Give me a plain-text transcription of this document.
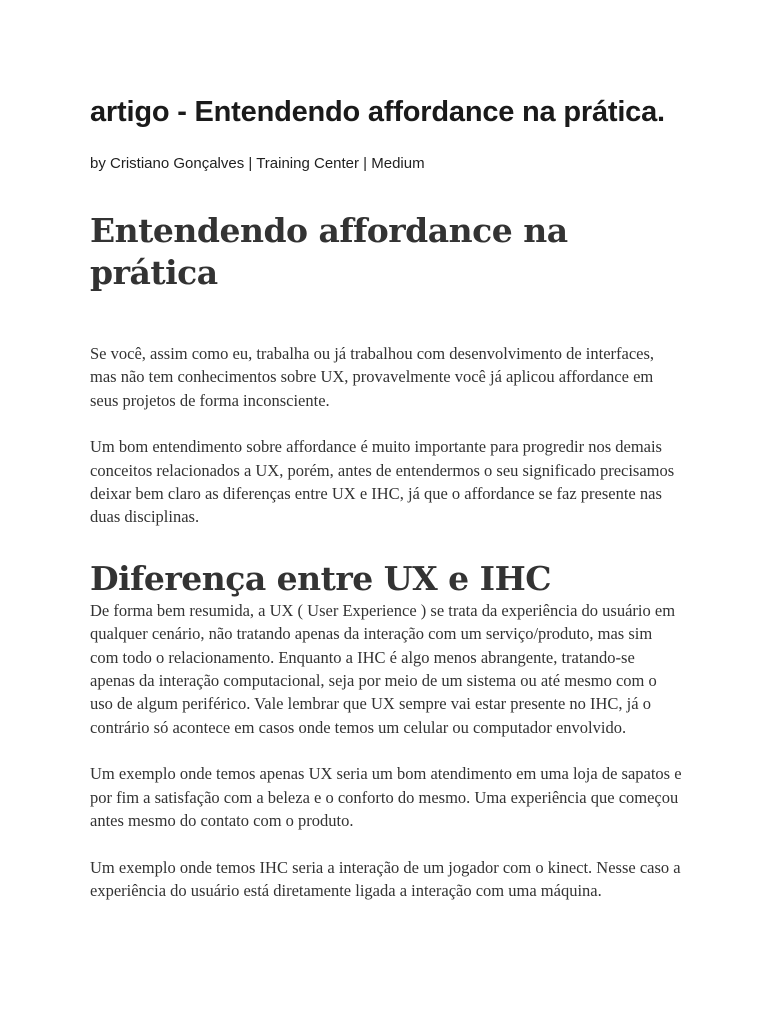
artigo - Entendendo affordance na prática.

by Cristiano Gonçalves | Training Center | Medium

Entendendo affordance na prática

Se você, assim como eu, trabalha ou já trabalhou com desenvolvimento de interfaces, mas não tem conhecimentos sobre UX, provavelmente você já aplicou affordance em seus projetos de forma inconsciente.

Um bom entendimento sobre affordance é muito importante para progredir nos demais conceitos relacionados a UX, porém, antes de entendermos o seu significado precisamos deixar bem claro as diferenças entre UX e IHC, já que o affordance se faz presente nas duas disciplinas.

Diferença entre UX e IHC

De forma bem resumida, a UX ( User Experience ) se trata da experiência do usuário em qualquer cenário, não tratando apenas da interação com um serviço/produto, mas sim com todo o relacionamento. Enquanto a IHC é algo menos abrangente, tratando-se apenas da interação computacional, seja por meio de um sistema ou até mesmo com o uso de algum periférico. Vale lembrar que UX sempre vai estar presente no IHC, já o contrário só acontece em casos onde temos um celular ou computador envolvido.

Um exemplo onde temos apenas UX seria um bom atendimento em uma loja de sapatos e por fim a satisfação com a beleza e o conforto do mesmo. Uma experiência que começou antes mesmo do contato com o produto.

Um exemplo onde temos IHC seria a interação de um jogador com o kinect. Nesse caso a experiência do usuário está diretamente ligada a interação com uma máquina.
